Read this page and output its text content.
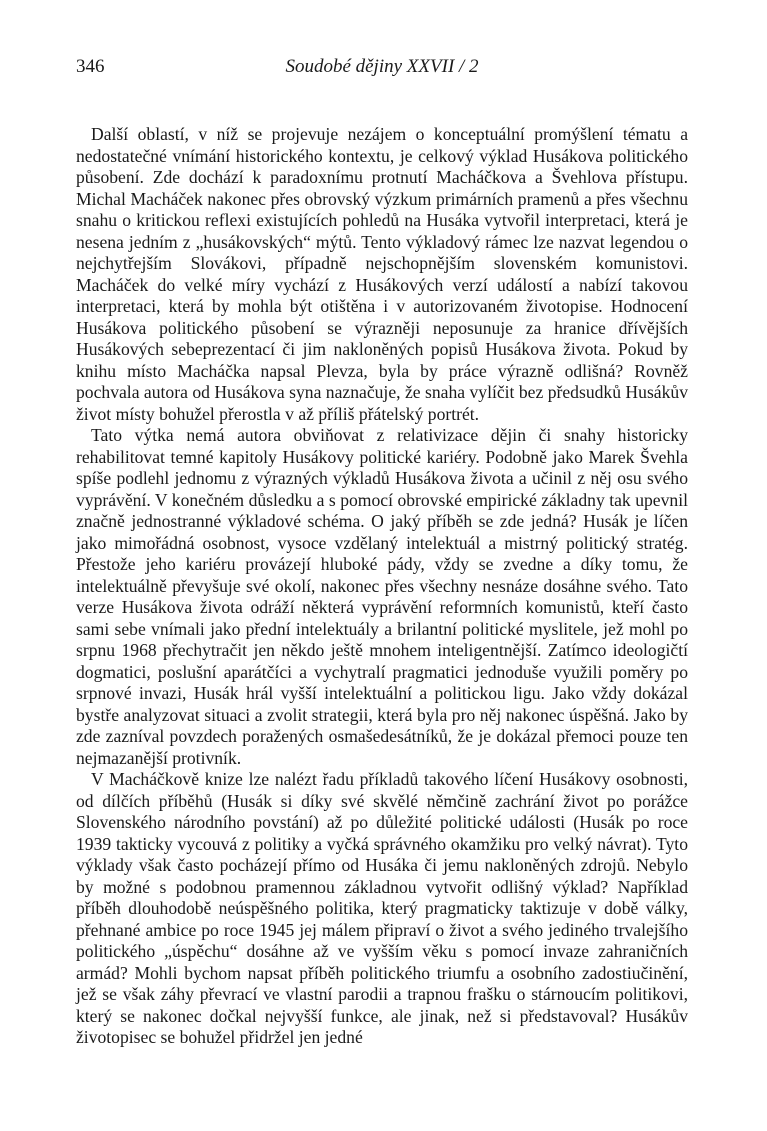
346	Soudobé dějiny XXVII / 2

Další oblastí, v níž se projevuje nezájem o konceptuální promýšlení tématu a nedostatečné vnímání historického kontextu, je celkový výklad Husákova politického působení. Zde dochází k paradoxnímu protnutí Macháčkova a Švehlova přístupu. Michal Macháček nakonec přes obrovský výzkum primárních pramenů a přes všechnu snahu o kritickou reflexi existujících pohledů na Husáka vytvořil interpretaci, která je nesena jedním z „husákovských“ mýtů. Tento výkladový rámec lze nazvat legendou o nejchytřejším Slovákovi, případně nejschopnějším slovenském komunistovi. Macháček do velké míry vychází z Husákových verzí událostí a nabízí takovou interpretaci, která by mohla být otištěna i v autorizovaném životopise. Hodnocení Husákova politického působení se výrazněji neposunuje za hranice dřívějších Husákových sebeprezentací či jim nakloněných popisů Husákova života. Pokud by knihu místo Macháčka napsal Plevza, byla by práce výrazně odlišná? Rovněž pochvala autora od Husákova syna naznačuje, že snaha vylíčit bez předsudků Husákův život místy bohužel přerostla v až příliš přátelský portrét.

Tato výtka nemá autora obviňovat z relativizace dějin či snahy historicky rehabilitovat temné kapitoly Husákovy politické kariéry. Podobně jako Marek Švehla spíše podlehl jednomu z výrazných výkladů Husákova života a učinil z něj osu svého vyprávění. V konečném důsledku a s pomocí obrovské empirické základny tak upevnil značně jednostranné výkladové schéma. O jaký příběh se zde jedná? Husák je líčen jako mimořádná osobnost, vysoce vzdělaný intelektuál a mistrný politický stratég. Přestože jeho kariéru provázejí hluboké pády, vždy se zvedne a díky tomu, že intelektuálně převyšuje své okolí, nakonec přes všechny nesnáze dosáhne svého. Tato verze Husákova života odráží některá vyprávění reformních komunistů, kteří často sami sebe vnímali jako přední intelektuály a brilantní politické myslitele, jež mohl po srpnu 1968 přechytračit jen někdo ještě mnohem inteligentnější. Zatímco ideologičtí dogmatici, poslušní aparátčíci a vychytralí pragmatici jednoduše využili poměry po srpnové invazi, Husák hrál vyšší intelektuální a politickou ligu. Jako vždy dokázal bystře analyzovat situaci a zvolit strategii, která byla pro něj nakonec úspěšná. Jako by zde zazníval povzdech poražených osmašedesátníků, že je dokázal přemoci pouze ten nejmazanější protivník.

V Macháčkově knize lze nalézt řadu příkladů takového líčení Husákovy osobnosti, od dílčích příběhů (Husák si díky své skvělé němčině zachrání život po porážce Slovenského národního povstání) až po důležité politické události (Husák po roce 1939 takticky vycouvá z politiky a vyčká správného okamžiku pro velký návrat). Tyto výklady však často pocházejí přímo od Husáka či jemu nakloněných zdrojů. Nebylo by možné s podobnou pramennou základnou vytvořit odlišný výklad? Například příběh dlouhodobě neúspěšného politika, který pragmaticky taktizuje v době války, přehnané ambice po roce 1945 jej málem připraví o život a svého jediného trvalejšího politického „úspěchu“ dosáhne až ve vyšším věku s pomocí invaze zahraničních armád? Mohli bychom napsat příběh politického triumfu a osobního zadostiučinění, jež se však záhy převrací ve vlastní parodii a trapnou frašku o stárnoucím politikovi, který se nakonec dočkal nejvyšší funkce, ale jinak, než si představoval? Husákův životopisec se bohužel přidržel jen jedné
